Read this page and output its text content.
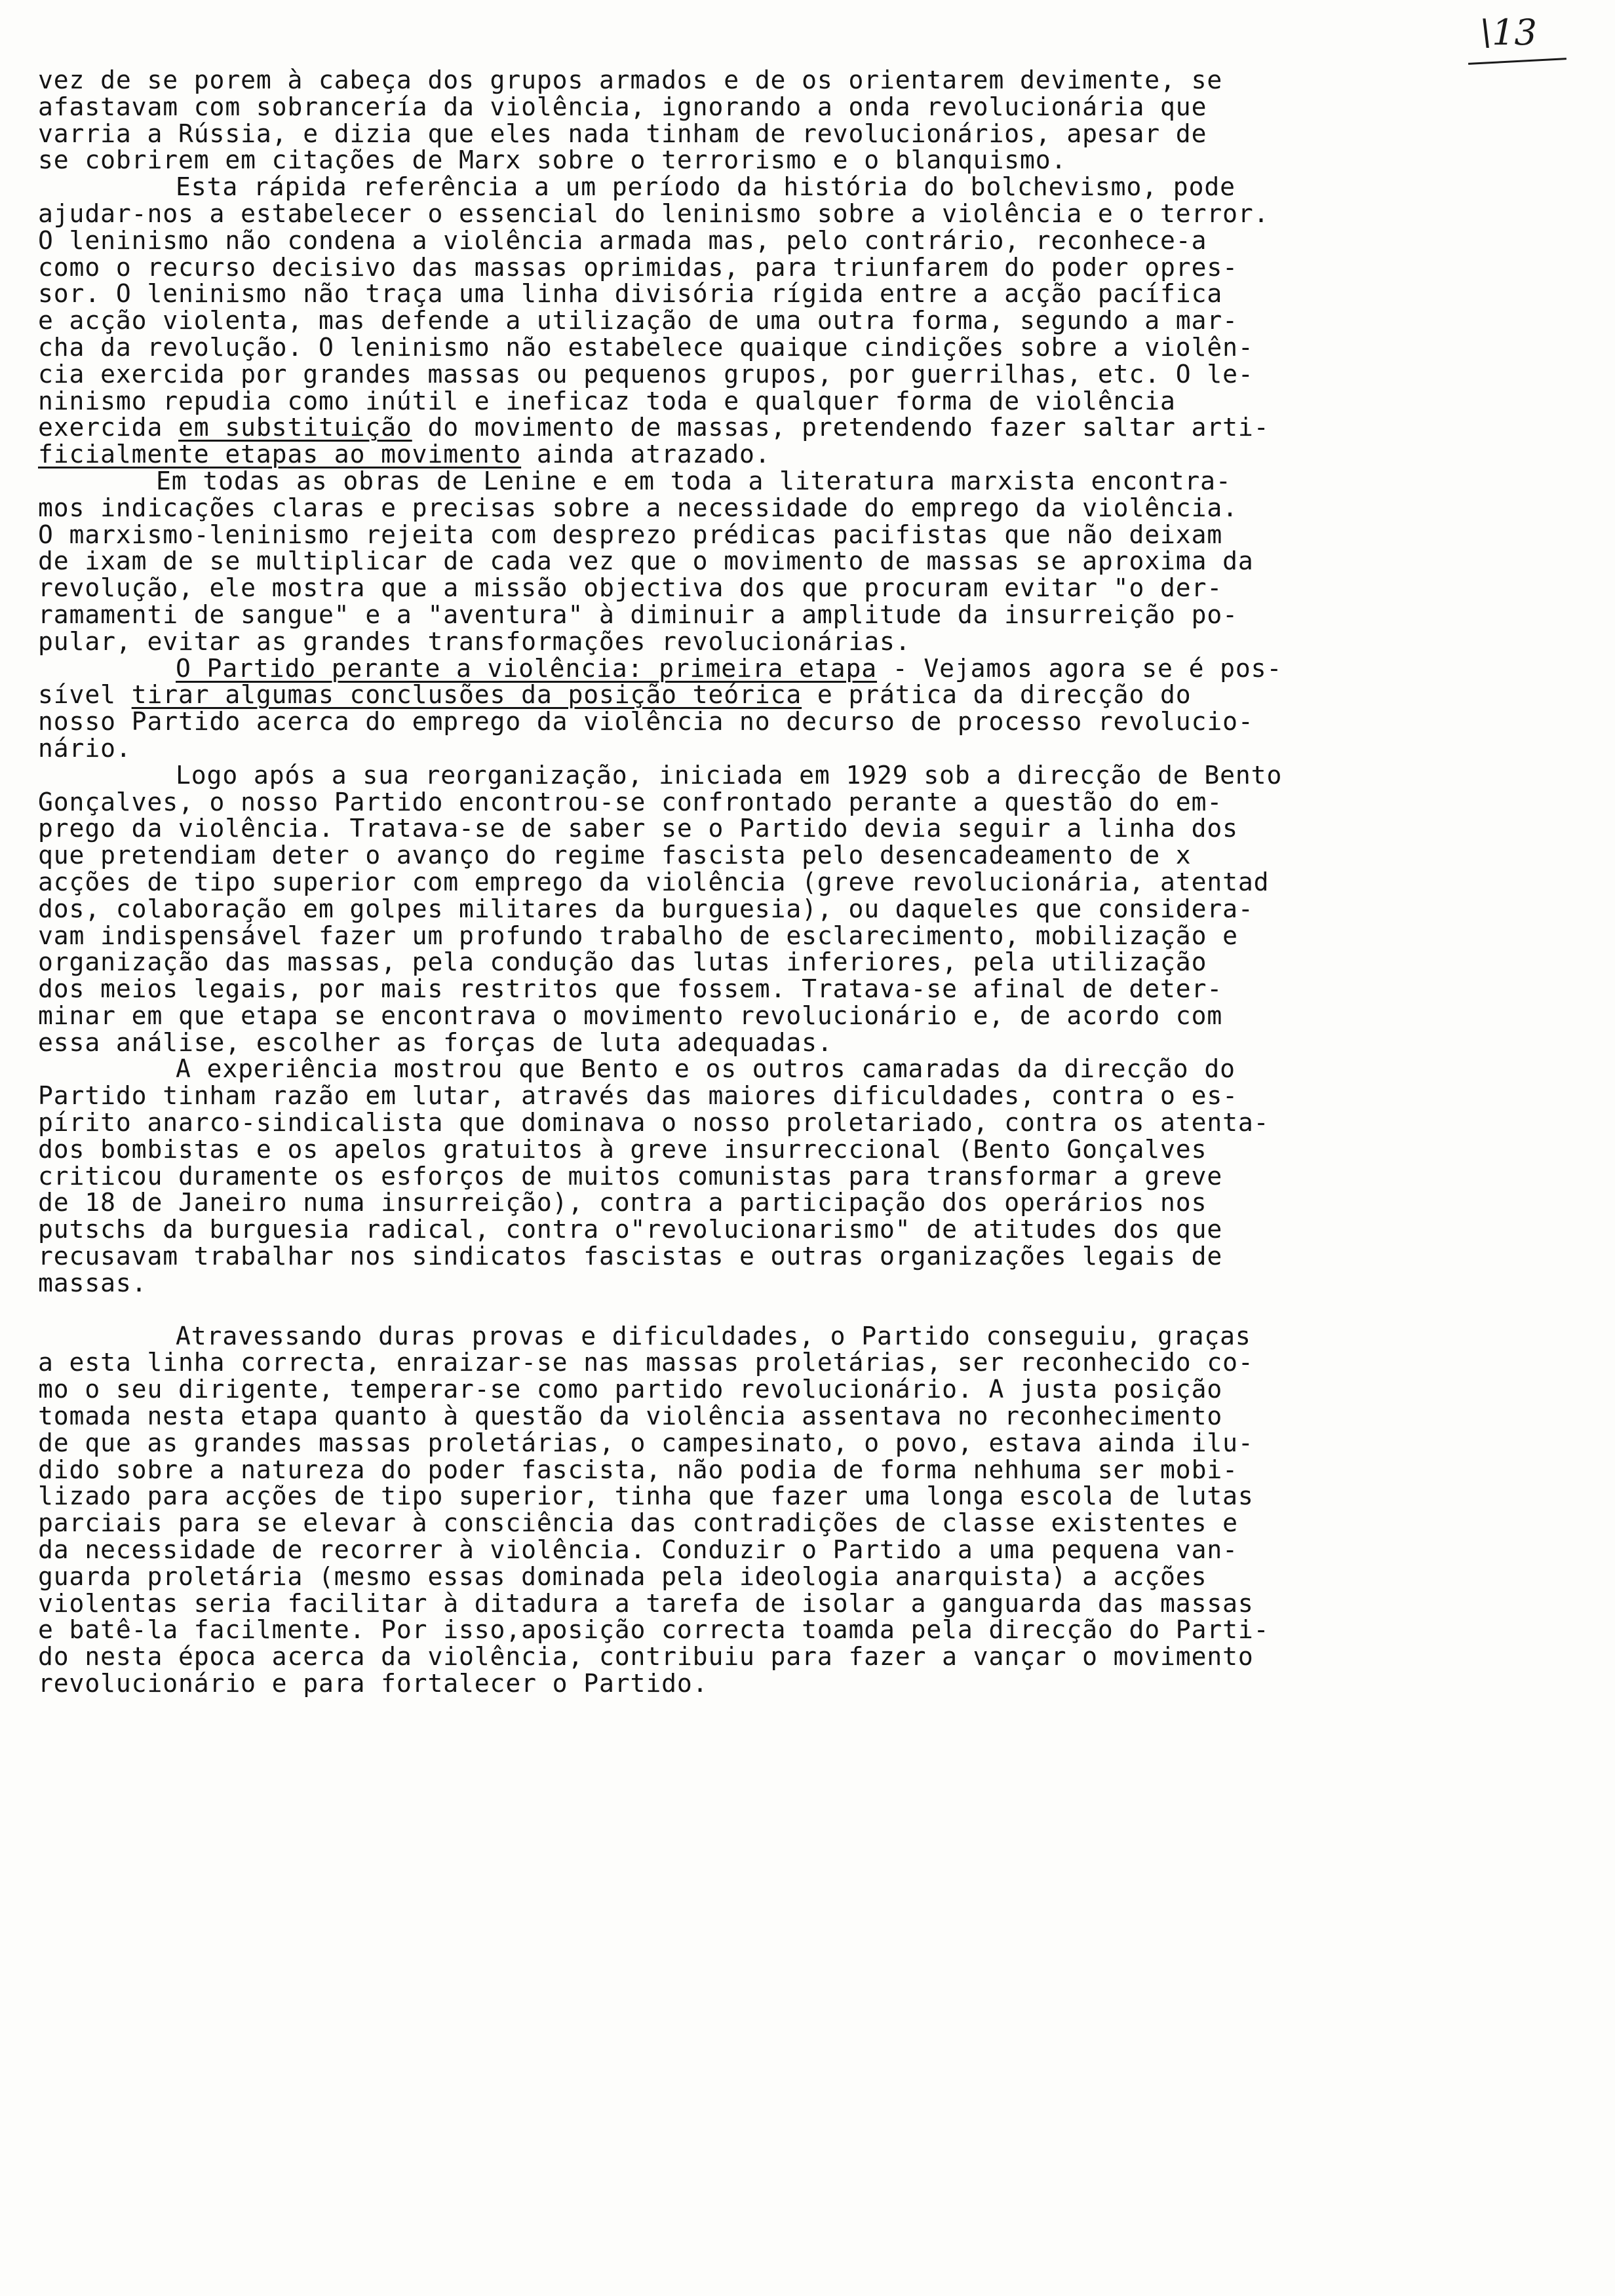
\13
vez de se porem à cabeça dos grupos armados e de os orientarem devimente, se
afastavam com sobrancería da violência, ignorando a onda revolucionária que
varria a Rússia, e dizia que eles nada tinham de revolucionários, apesar de
se cobrirem em citações de Marx sobre o terrorismo e o blanquismo.
Esta rápida referência a um período da história do bolchevismo, pode
ajudar-nos a estabelecer o essencial do leninismo sobre a violência e o terror.
O leninismo não condena a violência armada mas, pelo contrário, reconhece-a
como o recurso decisivo das massas oprimidas, para triunfarem do poder opres-
sor. O leninismo não traça uma linha divisória rígida entre a acção pacífica
e acção violenta, mas defende a utilização de uma outra forma, segundo a mar-
cha da revolução. O leninismo não estabelece quaique cindições sobre a violên-
cia exercida por grandes massas ou pequenos grupos, por guerrilhas, etc. O le-
ninismo repudia como inútil e ineficaz toda e qualquer forma de violência
exercida em substituição do movimento de massas, pretendendo fazer saltar arti-
ficialmente etapas ao movimento ainda atrazado.
Em todas as obras de Lenine e em toda a literatura marxista encontra-
mos indicações claras e precisas sobre a necessidade do emprego da violência.
O marxismo-leninismo rejeita com desprezo prédicas pacifistas que não deixam
de ixam de se multiplicar de cada vez que o movimento de massas se aproxima da
revolução, ele mostra que a missão objectiva dos que procuram evitar "o der-
ramamenti de sangue" e a "aventura" à diminuir a amplitude da insurreição po-
pular, evitar as grandes transformações revolucionárias.
O Partido perante a violência: primeira etapa - Vejamos agora se é pos-
sível tirar algumas conclusões da posição teórica e prática da direcção do
nosso Partido acerca do emprego da violência no decurso de processo revolucio-
nário.
Logo após a sua reorganização, iniciada em 1929 sob a direcção de Bento
Gonçalves, o nosso Partido encontrou-se confrontado perante a questão do em-
prego da violência. Tratava-se de saber se o Partido devia seguir a linha dos
que pretendiam deter o avanço do regime fascista pelo desencadeamento de x
acções de tipo superior com emprego da violência (greve revolucionária, atentad
dos, colaboração em golpes militares da burguesia), ou daqueles que considera-
vam indispensável fazer um profundo trabalho de esclarecimento, mobilização e
organização das massas, pela condução das lutas inferiores, pela utilização
dos meios legais, por mais restritos que fossem. Tratava-se afinal de deter-
minar em que etapa se encontrava o movimento revolucionário e, de acordo com
essa análise, escolher as forças de luta adequadas.
A experiência mostrou que Bento e os outros camaradas da direcção do
Partido tinham razão em lutar, através das maiores dificuldades, contra o es-
pírito anarco-sindicalista que dominava o nosso proletariado, contra os atenta-
dos bombistas e os apelos gratuitos à greve insurreccional (Bento Gonçalves
criticou duramente os esforços de muitos comunistas para transformar a greve
de 18 de Janeiro numa insurreição), contra a participação dos operários nos
putschs da burguesia radical, contra o"revolucionarismo" de atitudes dos que
recusavam trabalhar nos sindicatos fascistas e outras organizações legais de
massas.
Atravessando duras provas e dificuldades, o Partido conseguiu, graças
a esta linha correcta, enraizar-se nas massas proletárias, ser reconhecido co-
mo o seu dirigente, temperar-se como partido revolucionário. A justa posição
tomada nesta etapa quanto à questão da violência assentava no reconhecimento
de que as grandes massas proletárias, o campesinato, o povo, estava ainda ilu-
dido sobre a natureza do poder fascista, não podia de forma nehhuma ser mobi-
lizado para acções de tipo superior, tinha que fazer uma longa escola de lutas
parciais para se elevar à consciência das contradições de classe existentes e
da necessidade de recorrer à violência. Conduzir o Partido a uma pequena van-
guarda proletária (mesmo essas dominada pela ideologia anarquista) a acções
violentas seria facilitar à ditadura a tarefa de isolar a ganguarda das massas
e batê-la facilmente. Por isso,aposição correcta toamda pela direcção do Parti-
do nesta época acerca da violência, contribuiu para fazer a vançar o movimento
revolucionário e para fortalecer o Partido.
